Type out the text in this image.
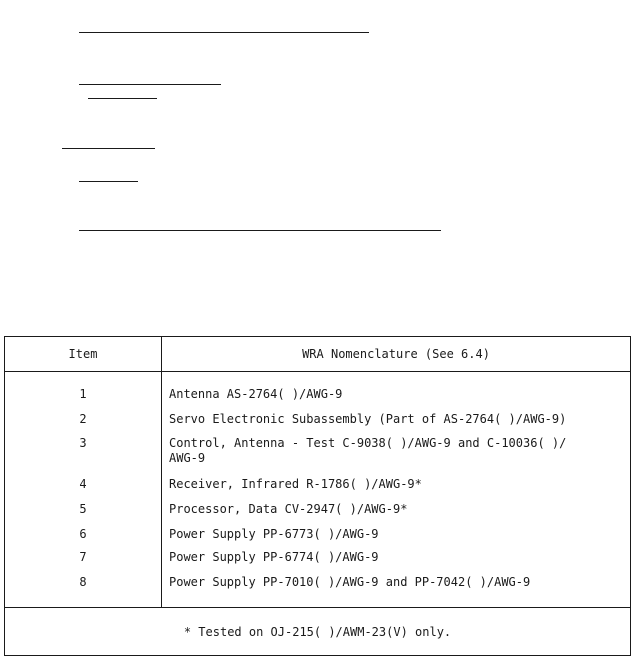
Item	WRA Nomenclature (See 6.4)
1	Antenna AS-2764( )/AWG-9
2	Servo Electronic Subassembly (Part of AS-2764( )/AWG-9)
3	Control, Antenna - Test C-9038( )/AWG-9 and C-10036( )/
AWG-9
4	Receiver, Infrared R-1786( )/AWG-9*
5	Processor, Data CV-2947( )/AWG-9*
6	Power Supply PP-6773( )/AWG-9
7	Power Supply PP-6774( )/AWG-9
8	Power Supply PP-7010( )/AWG-9 and PP-7042( )/AWG-9
* Tested on OJ-215( )/AWM-23(V) only.
